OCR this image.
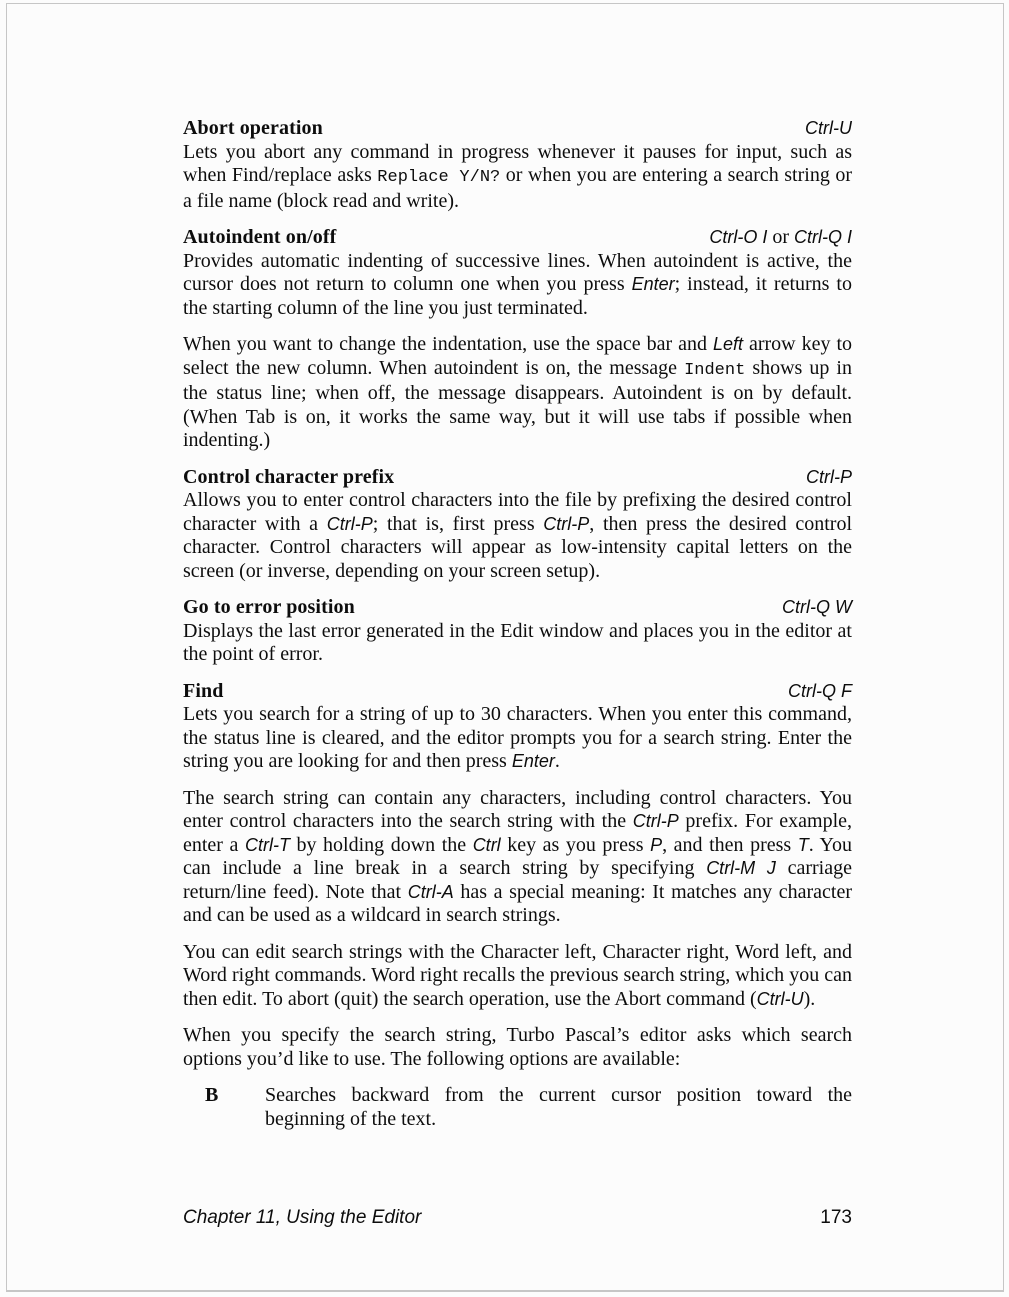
Abort operation	Ctrl-U

Lets you abort any command in progress whenever it pauses for input, such as when Find/replace asks Replace Y/N? or when you are entering a search string or a file name (block read and write).

Autoindent on/off	Ctrl-O I or Ctrl-Q I

Provides automatic indenting of successive lines. When autoindent is active, the cursor does not return to column one when you press Enter; instead, it returns to the starting column of the line you just terminated.

When you want to change the indentation, use the space bar and Left arrow key to select the new column. When autoindent is on, the message Indent shows up in the status line; when off, the message disappears. Autoindent is on by default. (When Tab is on, it works the same way, but it will use tabs if possible when indenting.)

Control character prefix	Ctrl-P

Allows you to enter control characters into the file by prefixing the desired control character with a Ctrl-P; that is, first press Ctrl-P, then press the desired control character. Control characters will appear as low-intensity capital letters on the screen (or inverse, depending on your screen setup).

Go to error position	Ctrl-Q W

Displays the last error generated in the Edit window and places you in the editor at the point of error.

Find	Ctrl-Q F

Lets you search for a string of up to 30 characters. When you enter this command, the status line is cleared, and the editor prompts you for a search string. Enter the string you are looking for and then press Enter.

The search string can contain any characters, including control characters. You enter control characters into the search string with the Ctrl-P prefix. For example, enter a Ctrl-T by holding down the Ctrl key as you press P, and then press T. You can include a line break in a search string by specifying Ctrl-M J carriage return/line feed). Note that Ctrl-A has a special meaning: It matches any character and can be used as a wildcard in search strings.

You can edit search strings with the Character left, Character right, Word left, and Word right commands. Word right recalls the previous search string, which you can then edit. To abort (quit) the search operation, use the Abort command (Ctrl-U).

When you specify the search string, Turbo Pascal’s editor asks which search options you’d like to use. The following options are available:

B	Searches backward from the current cursor position toward the beginning of the text.
Chapter 11, Using the Editor	173
